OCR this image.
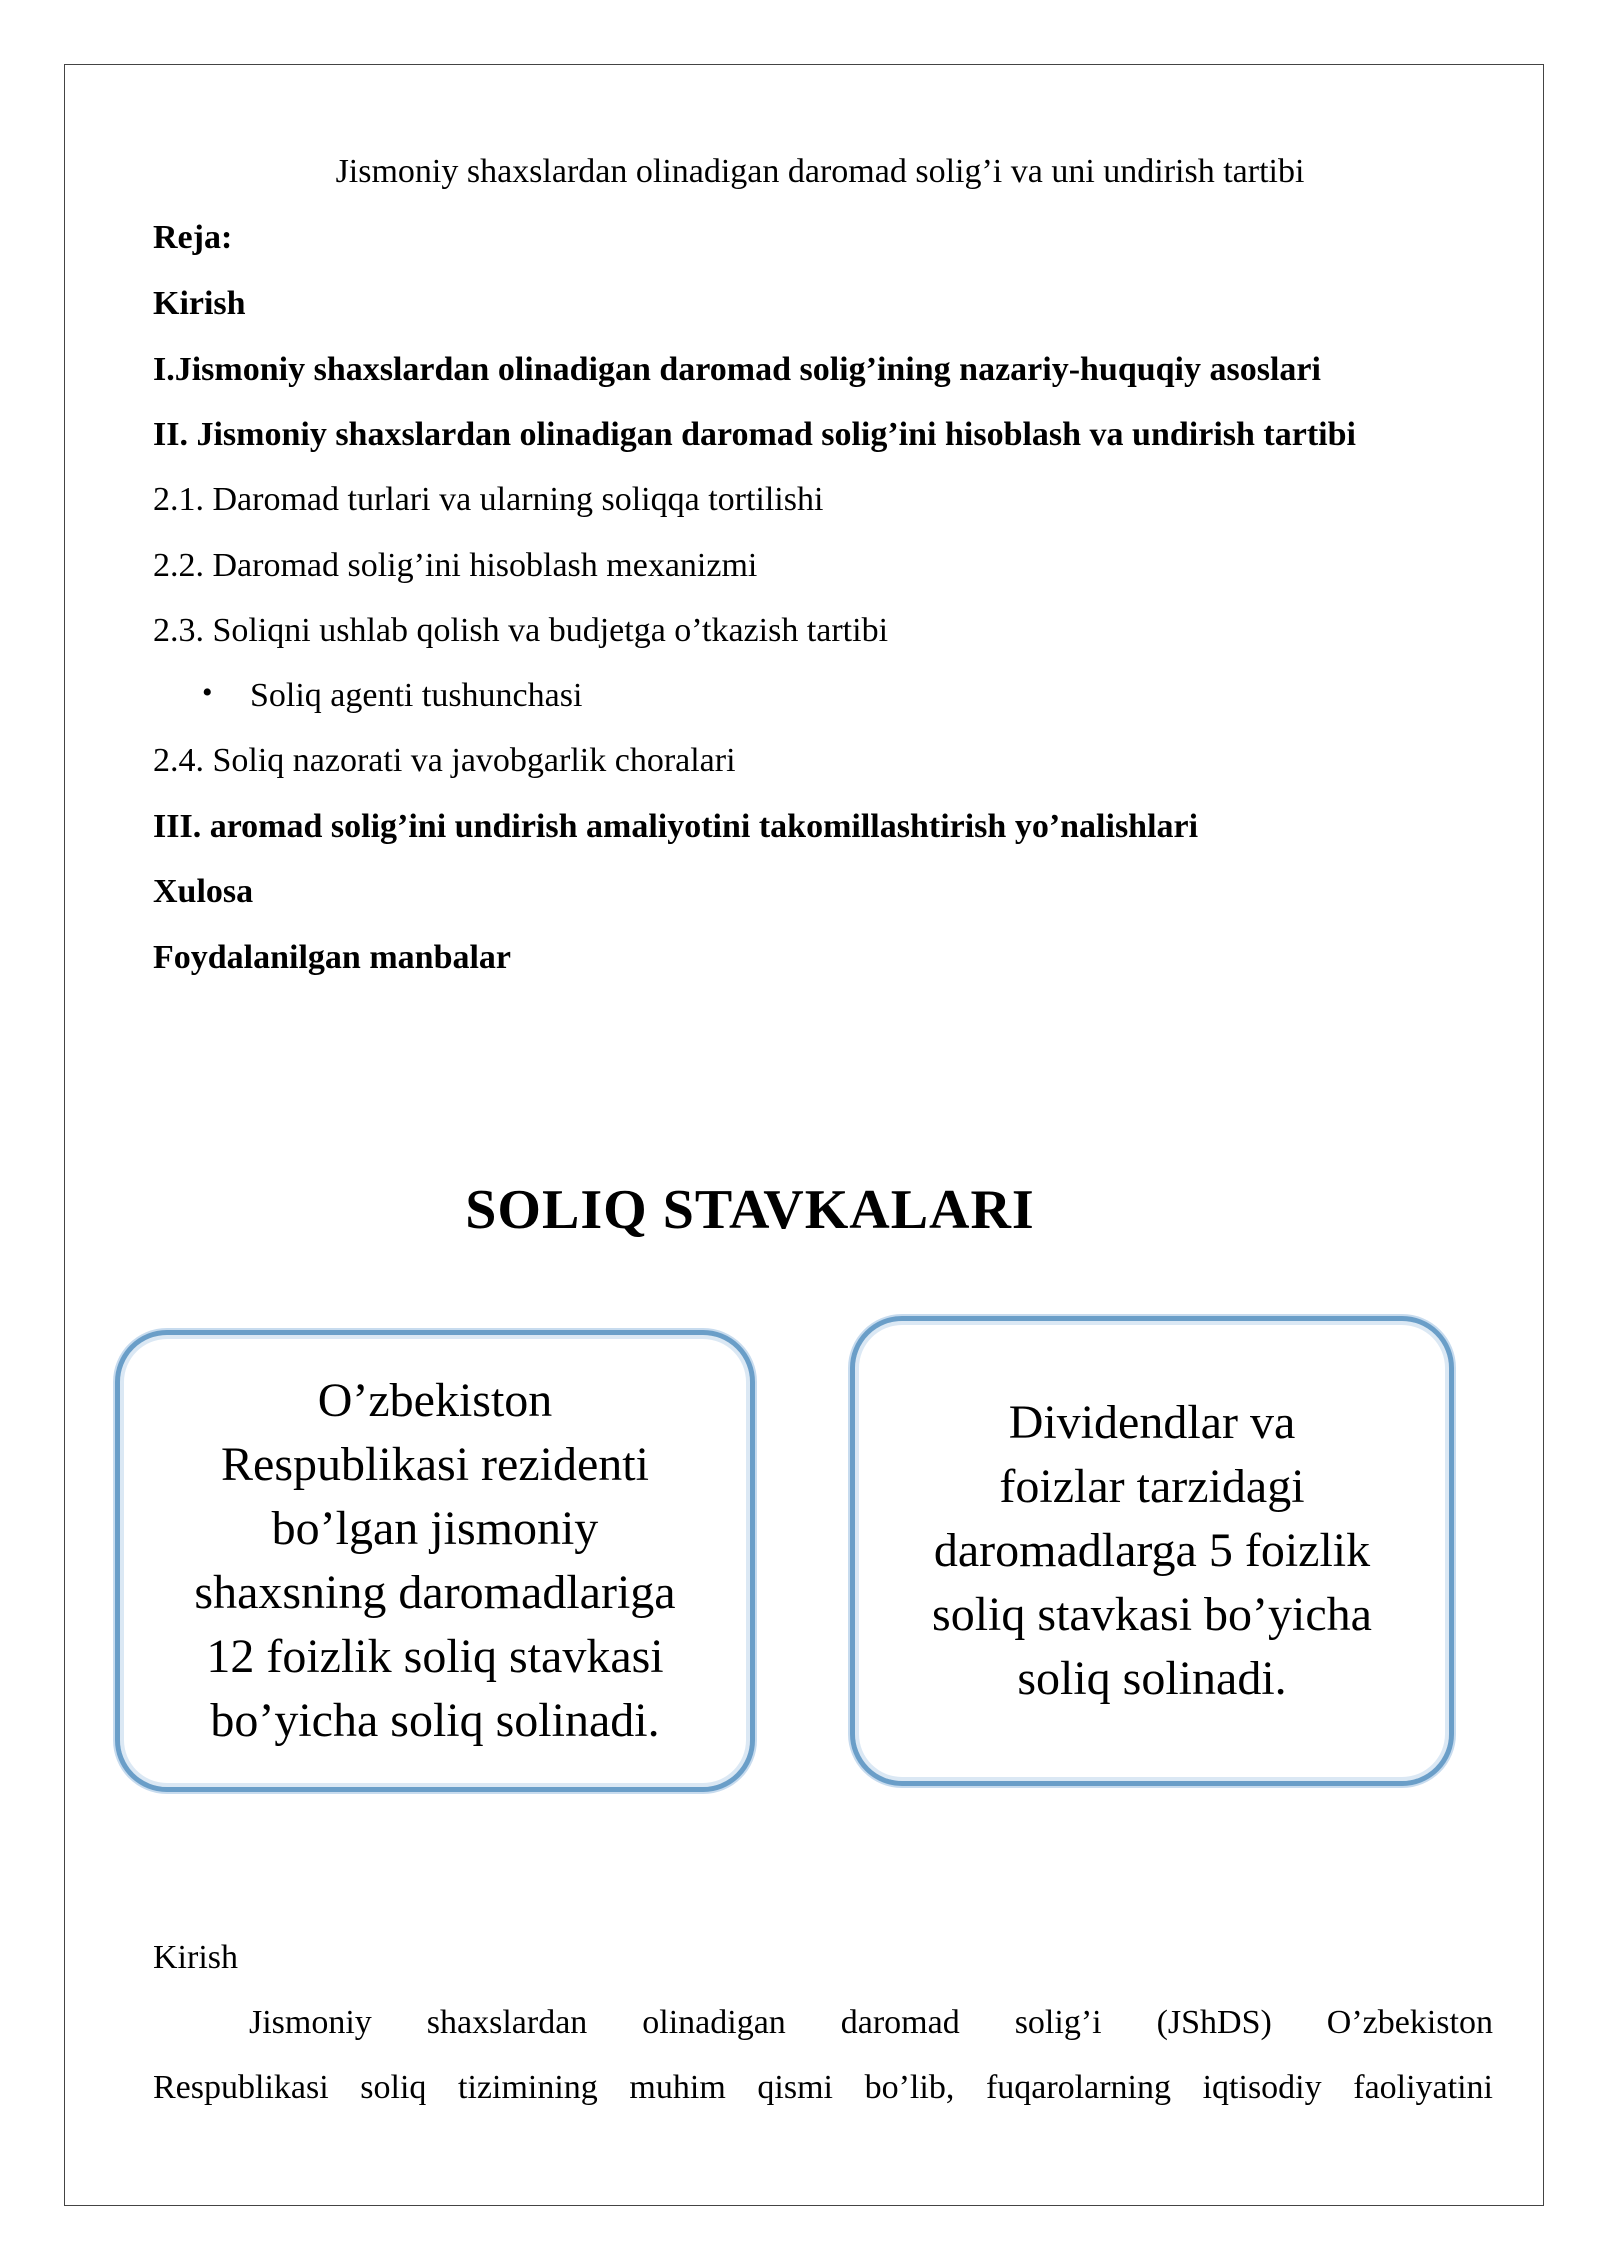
Jismoniy shaxslardan olinadigan daromad solig’i va uni undirish tartibi
Reja:
Kirish
I.Jismoniy shaxslardan olinadigan daromad solig’ining nazariy-huquqiy asoslari
II. Jismoniy shaxslardan olinadigan daromad solig’ini hisoblash va undirish tartibi
2.1. Daromad turlari va ularning soliqqa tortilishi
2.2. Daromad solig’ini hisoblash mexanizmi
2.3. Soliqni ushlab qolish va budjetga o’tkazish tartibi
• Soliq agenti tushunchasi
2.4. Soliq nazorati va javobgarlik choralari
III. aromad solig’ini undirish amaliyotini takomillashtirish yo’nalishlari
Xulosa
Foydalanilgan manbalar
SOLIQ STAVKALARI
O’zbekiston
Respublikasi rezidenti
bo’lgan jismoniy
shaxsning daromadlariga
12 foizlik soliq stavkasi
bo’yicha soliq solinadi.
Dividendlar va
foizlar tarzidagi
daromadlarga 5 foizlik
soliq stavkasi bo’yicha
soliq solinadi.
Kirish
Jismoniy shaxslardan olinadigan daromad solig’i (JShDS) O’zbekiston
Respublikasi soliq tizimining muhim qismi bo’lib, fuqarolarning iqtisodiy faoliyatini
